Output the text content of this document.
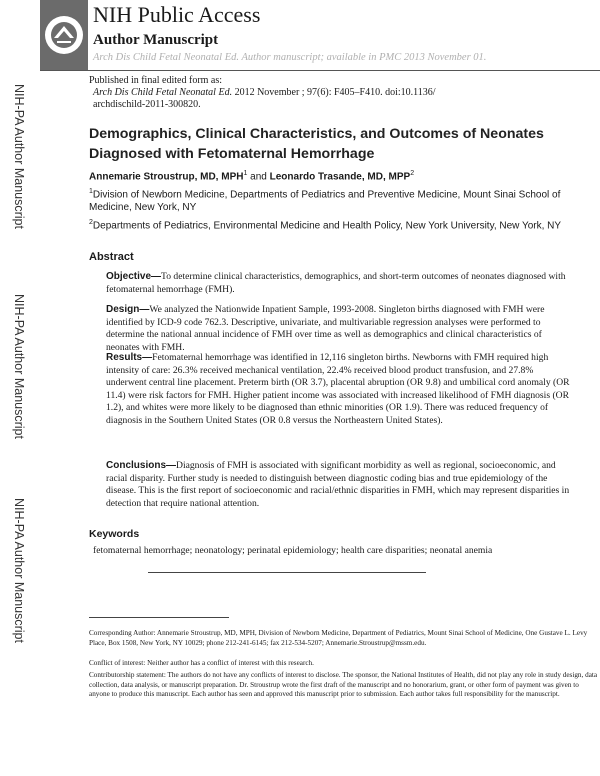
NIH Public Access
Author Manuscript
Arch Dis Child Fetal Neonatal Ed. Author manuscript; available in PMC 2013 November 01.
NIH-PA Author Manuscript
NIH-PA Author Manuscript
NIH-PA Author Manuscript
Published in final edited form as:
Arch Dis Child Fetal Neonatal Ed. 2012 November ; 97(6): F405–F410. doi:10.1136/
archdischild-2011-300820.
Demographics, Clinical Characteristics, and Outcomes of Neonates Diagnosed with Fetomaternal Hemorrhage
Annemarie Stroustrup, MD, MPH$^1$ and Leonardo Trasande, MD, MPP$^2$
$^1$Division of Newborn Medicine, Departments of Pediatrics and Preventive Medicine, Mount Sinai School of Medicine, New York, NY
$^2$Departments of Pediatrics, Environmental Medicine and Health Policy, New York University, New York, NY
Abstract
Objective—To determine clinical characteristics, demographics, and short-term outcomes of neonates diagnosed with fetomaternal hemorrhage (FMH).
Design—We analyzed the Nationwide Inpatient Sample, 1993-2008. Singleton births diagnosed with FMH were identified by ICD-9 code 762.3. Descriptive, univariate, and multivariable regression analyses were performed to determine the national annual incidence of FMH over time as well as demographics and clinical characteristics of neonates with FMH.
Results—Fetomaternal hemorrhage was identified in 12,116 singleton births. Newborns with FMH required high intensity of care: 26.3% received mechanical ventilation, 22.4% received blood product transfusion, and 27.8% underwent central line placement. Preterm birth (OR 3.7), placental abruption (OR 9.8) and umbilical cord anomaly (OR 11.4) were risk factors for FMH. Higher patient income was associated with increased likelihood of FMH diagnosis (OR 1.2), and whites were more likely to be diagnosed than ethnic minorities (OR 1.9). There was reduced frequency of diagnosis in the Southern United States (OR 0.8 versus the Northeastern United States).
Conclusions—Diagnosis of FMH is associated with significant morbidity as well as regional, socioeconomic, and racial disparity. Further study is needed to distinguish between diagnostic coding bias and true epidemiology of the disease. This is the first report of socioeconomic and racial/ethnic disparities in FMH, which may represent disparities in detection that require national attention.
Keywords
fetomaternal hemorrhage; neonatology; perinatal epidemiology; health care disparities; neonatal anemia
Corresponding Author: Annemarie Stroustrup, MD, MPH, Division of Newborn Medicine, Department of Pediatrics, Mount Sinai School of Medicine, One Gustave L. Levy Place, Box 1508, New York, NY 10029; phone 212-241-6145; fax 212-534-5207; Annemarie.Stroustrup@mssm.edu.
Conflict of interest: Neither author has a conflict of interest with this research.
Contributorship statement: The authors do not have any conflicts of interest to disclose. The sponsor, the National Institutes of Health, did not play any role in study design, data collection, data analysis, or manuscript preparation. Dr. Stroustrup wrote the first draft of the manuscript and no honorarium, grant, or other form of payment was given to anyone to produce this manuscript. Each author has seen and approved this manuscript prior to submission. Each author takes full responsibility for the manuscript.
